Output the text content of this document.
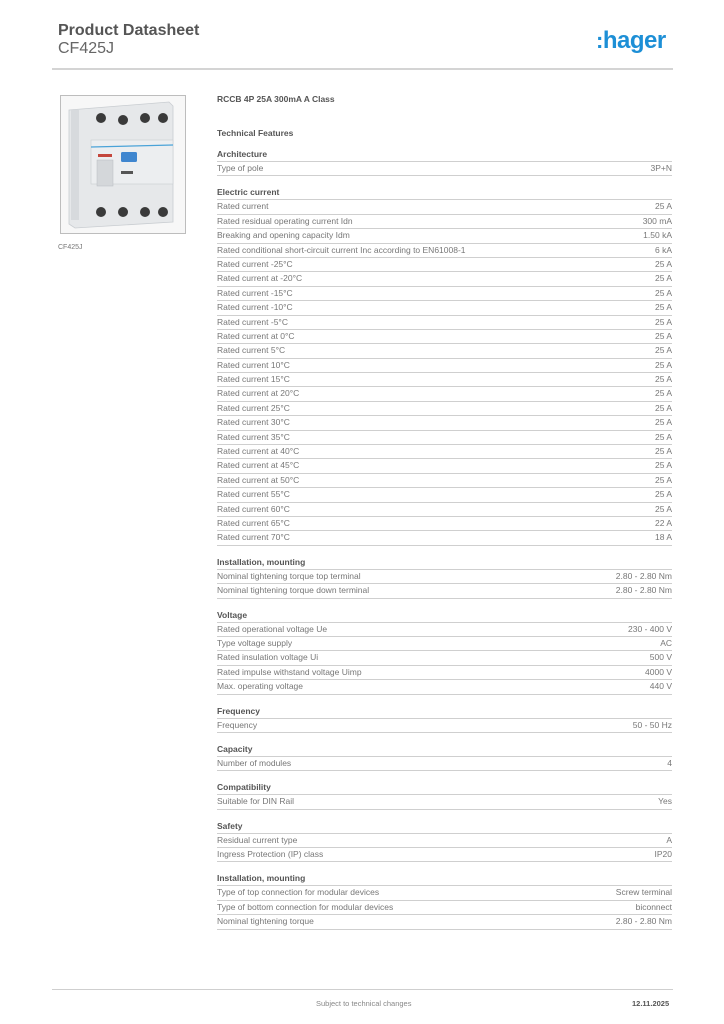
Product Datasheet
CF425J	:hager
CF425J
RCCB 4P 25A 300mA A Class
Technical Features
Architecture
Type of pole	3P+N
Electric current
Rated current	25 A
Rated residual operating current Idn	300 mA
Breaking and opening capacity Idm	1.50 kA
Rated conditional short-circuit current Inc according to EN61008-1	6 kA
Rated current -25°C	25 A
Rated current at -20°C	25 A
Rated current -15°C	25 A
Rated current -10°C	25 A
Rated current -5°C	25 A
Rated current at 0°C	25 A
Rated current 5°C	25 A
Rated current 10°C	25 A
Rated current 15°C	25 A
Rated current at 20°C	25 A
Rated current 25°C	25 A
Rated current 30°C	25 A
Rated current 35°C	25 A
Rated current at 40°C	25 A
Rated current at 45°C	25 A
Rated current at 50°C	25 A
Rated current 55°C	25 A
Rated current 60°C	25 A
Rated current 65°C	22 A
Rated current 70°C	18 A
Installation, mounting
Nominal tightening torque top terminal	2.80 - 2.80 Nm
Nominal tightening torque down terminal	2.80 - 2.80 Nm
Voltage
Rated operational voltage Ue	230 - 400 V
Type voltage supply	AC
Rated insulation voltage Ui	500 V
Rated impulse withstand voltage Uimp	4000 V
Max. operating voltage	440 V
Frequency
Frequency	50 - 50 Hz
Capacity
Number of modules	4
Compatibility
Suitable for DIN Rail	Yes
Safety
Residual current type	A
Ingress Protection (IP) class	IP20
Installation, mounting
Type of top connection for modular devices	Screw terminal
Type of bottom connection for modular devices	biconnect
Nominal tightening torque	2.80 - 2.80 Nm
Subject to technical changes	12.11.2025
